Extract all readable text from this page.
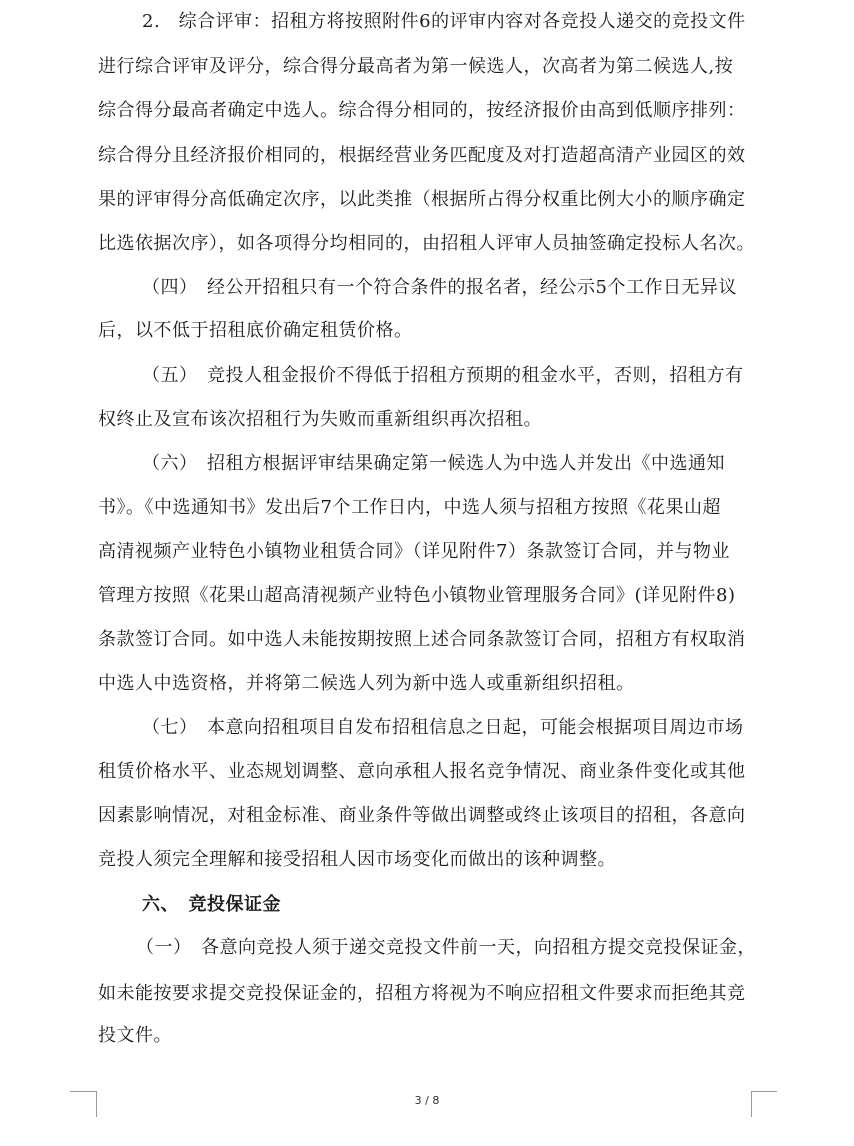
2.　综合评审：招租方将按照附件6的评审内容对各竞投人递交的竞投文件
进行综合评审及评分，综合得分最高者为第一候选人，次高者为第二候选人,按
综合得分最高者确定中选人。综合得分相同的，按经济报价由高到低顺序排列：
综合得分且经济报价相同的，根据经营业务匹配度及对打造超高清产业园区的效
果的评审得分高低确定次序，以此类推（根据所占得分权重比例大小的顺序确定
比选依据次序），如各项得分均相同的，由招租人评审人员抽签确定投标人名次。
（四）　经公开招租只有一个符合条件的报名者，经公示5个工作日无异议
后，以不低于招租底价确定租赁价格。
（五）　竞投人租金报价不得低于招租方预期的租金水平，否则，招租方有
权终止及宣布该次招租行为失败而重新组织再次招租。
（六）　招租方根据评审结果确定第一候选人为中选人并发出《中选通知
书》。《中选通知书》发出后7个工作日内，中选人须与招租方按照《花果山超
高清视频产业特色小镇物业租赁合同》（详见附件7）条款签订合同，并与物业
管理方按照《花果山超高清视频产业特色小镇物业管理服务合同》(详见附件8)
条款签订合同。如中选人未能按期按照上述合同条款签订合同，招租方有权取消
中选人中选资格，并将第二候选人列为新中选人或重新组织招租。
（七）　本意向招租项目自发布招租信息之日起，可能会根据项目周边市场
租赁价格水平、业态规划调整、意向承租人报名竞争情况、商业条件变化或其他
因素影响情况，对租金标准、商业条件等做出调整或终止该项目的招租，各意向
竞投人须完全理解和接受招租人因市场变化而做出的该种调整。
六、　竞投保证金
（一）　各意向竞投人须于递交竞投文件前一天，向招租方提交竞投保证金，
如未能按要求提交竞投保证金的，招租方将视为不响应招租文件要求而拒绝其竞
投文件。
3 / 8
